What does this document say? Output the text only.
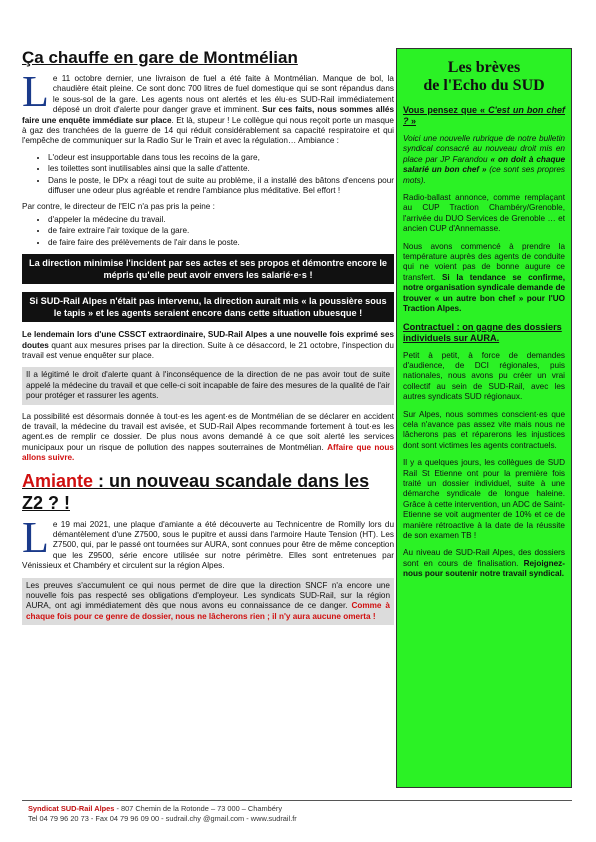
Ça chauffe en gare de Montmélian

Le 11 octobre dernier, une livraison de fuel a été faite à Montmélian. Manque de bol, la chaudière était pleine. Ce sont donc 700 litres de fuel domestique qui se sont répandus dans le sous-sol de la gare. Les agents nous ont alertés et les élu·es SUD-Rail immédiatement déposé un droit d'alerte pour danger grave et imminent. Sur ces faits, nous sommes allés faire une enquête immédiate sur place. Et là, stupeur ! Le collègue qui nous reçoit porte un masque à gaz des tranchées de la guerre de 14 qui réduit considérablement sa capacité respiratoire et qui l'empêche de communiquer sur la Radio Sur le Train et avec la régulation… Ambiance :

• L'odeur est insupportable dans tous les recoins de la gare,
• les toilettes sont inutilisables ainsi que la salle d'attente.
• Dans le poste, le DPx a réagi tout de suite au problème, il a installé des bâtons d'encens pour diffuser une odeur plus agréable et rendre l'ambiance plus méditative. Bel effort !

Par contre, le directeur de l'EIC n'a pas pris la peine :

• d'appeler la médecine du travail.
• de faire extraire l'air toxique de la gare.
• de faire faire des prélèvements de l'air dans le poste.
La direction minimise l'incident par ses actes et ses propos et démontre encore le mépris qu'elle peut avoir envers les salarié·e·s !
Si SUD-Rail Alpes n'était pas intervenu, la direction aurait mis « la poussière sous le tapis » et les agents seraient encore dans cette situation ubuesque !

Le lendemain lors d'une CSSCT extraordinaire, SUD-Rail Alpes a une nouvelle fois exprimé ses doutes quant aux mesures prises par la direction. Suite à ce désaccord, le 21 octobre, l'inspection du travail est venue enquêter sur place.

Il a légitimé le droit d'alerte quant à l'inconséquence de la direction de ne pas avoir tout de suite appelé la médecine du travail et que celle-ci soit incapable de faire des mesures de la qualité de l'air pour protéger et rassurer les agents.

La possibilité est désormais donnée à tout·es les agent·es de Montmélian de se déclarer en accident de travail, la médecine du travail est avisée, et SUD-Rail Alpes recommande fortement à tout·es les agent.es de remplir ce dossier. De plus nous avons demandé à ce que soit alerté les services municipaux pour un risque de pollution des nappes souterraines de Montmélian. Affaire que nous allons suivre.

Amiante : un nouveau scandale dans les Z2 ? !

Le 19 mai 2021, une plaque d'amiante a été découverte au Technicentre de Romilly lors du démantèlement d'une Z7500, sous le pupitre et aussi dans l'armoire Haute Tension (HT). Les Z7500, qui, par le passé ont tournées sur AURA, sont connues pour être de même conception que les Z9500, série encore utilisée sur notre périmètre. Elles sont entretenues par Vénissieux et Chambéry et circulent sur la région Alpes.

Les preuves s'accumulent ce qui nous permet de dire que la direction SNCF n'a encore une nouvelle fois pas respecté ses obligations d'employeur. Les syndicats SUD-Rail, sur la région AURA, ont agi immédiatement dès que nous avons eu connaissance de ce danger. Comme à chaque fois pour ce genre de dossier, nous ne lâcherons rien ; il n'y aura aucune omerta !
Les brèves
de l'Echo du SUD

Vous pensez que « C'est un bon chef ? »

Voici une nouvelle rubrique de notre bulletin syndical consacré au nouveau droit mis en place par JP Farandou « on doit à chaque salarié un bon chef » (ce sont ses propres mots).

Radio-ballast annonce, comme remplaçant au CUP Traction Chambéry/Grenoble, l'arrivée du DUO Services de Grenoble … et ancien CUP d'Annemasse.

Nous avons commencé à prendre la température auprès des agents de conduite qui ne voient pas de bonne augure ce transfert. Si la tendance se confirme, notre organisation syndicale demande de trouver « un autre bon chef » pour l'UO Traction Alpes.

Contractuel : on gagne des dossiers individuels sur AURA.

Petit à petit, à force de demandes d'audience, de DCI régionales, puis nationales, nous avons pu créer un vrai collectif au sein de SUD-Rail, avec les autres syndicats SUD régionaux.

Sur Alpes, nous sommes conscient·es que cela n'avance pas assez vite mais nous ne lâcherons pas et réparerons les injustices dont sont victimes les agents contractuels.

Il y a quelques jours, les collègues de SUD Rail St Etienne ont pour la première fois traité un dossier individuel, suite à une démarche syndicale de longue haleine. Grâce à cette intervention, un ADC de Saint-Etienne se voit augmenter de 10% et ce de manière rétroactive à la date de la réussite de son examen TB !

Au niveau de SUD-Rail Alpes, des dossiers sont en cours de finalisation. Rejoignez-nous pour soutenir notre travail syndical.

Syndicat SUD-Rail Alpes - 807 Chemin de la Rotonde – 73 000 – Chambéry
Tel 04 79 96 20 73 - Fax 04 79 96 09 00 - sudrail.chy @gmail.com - www.sudrail.fr
